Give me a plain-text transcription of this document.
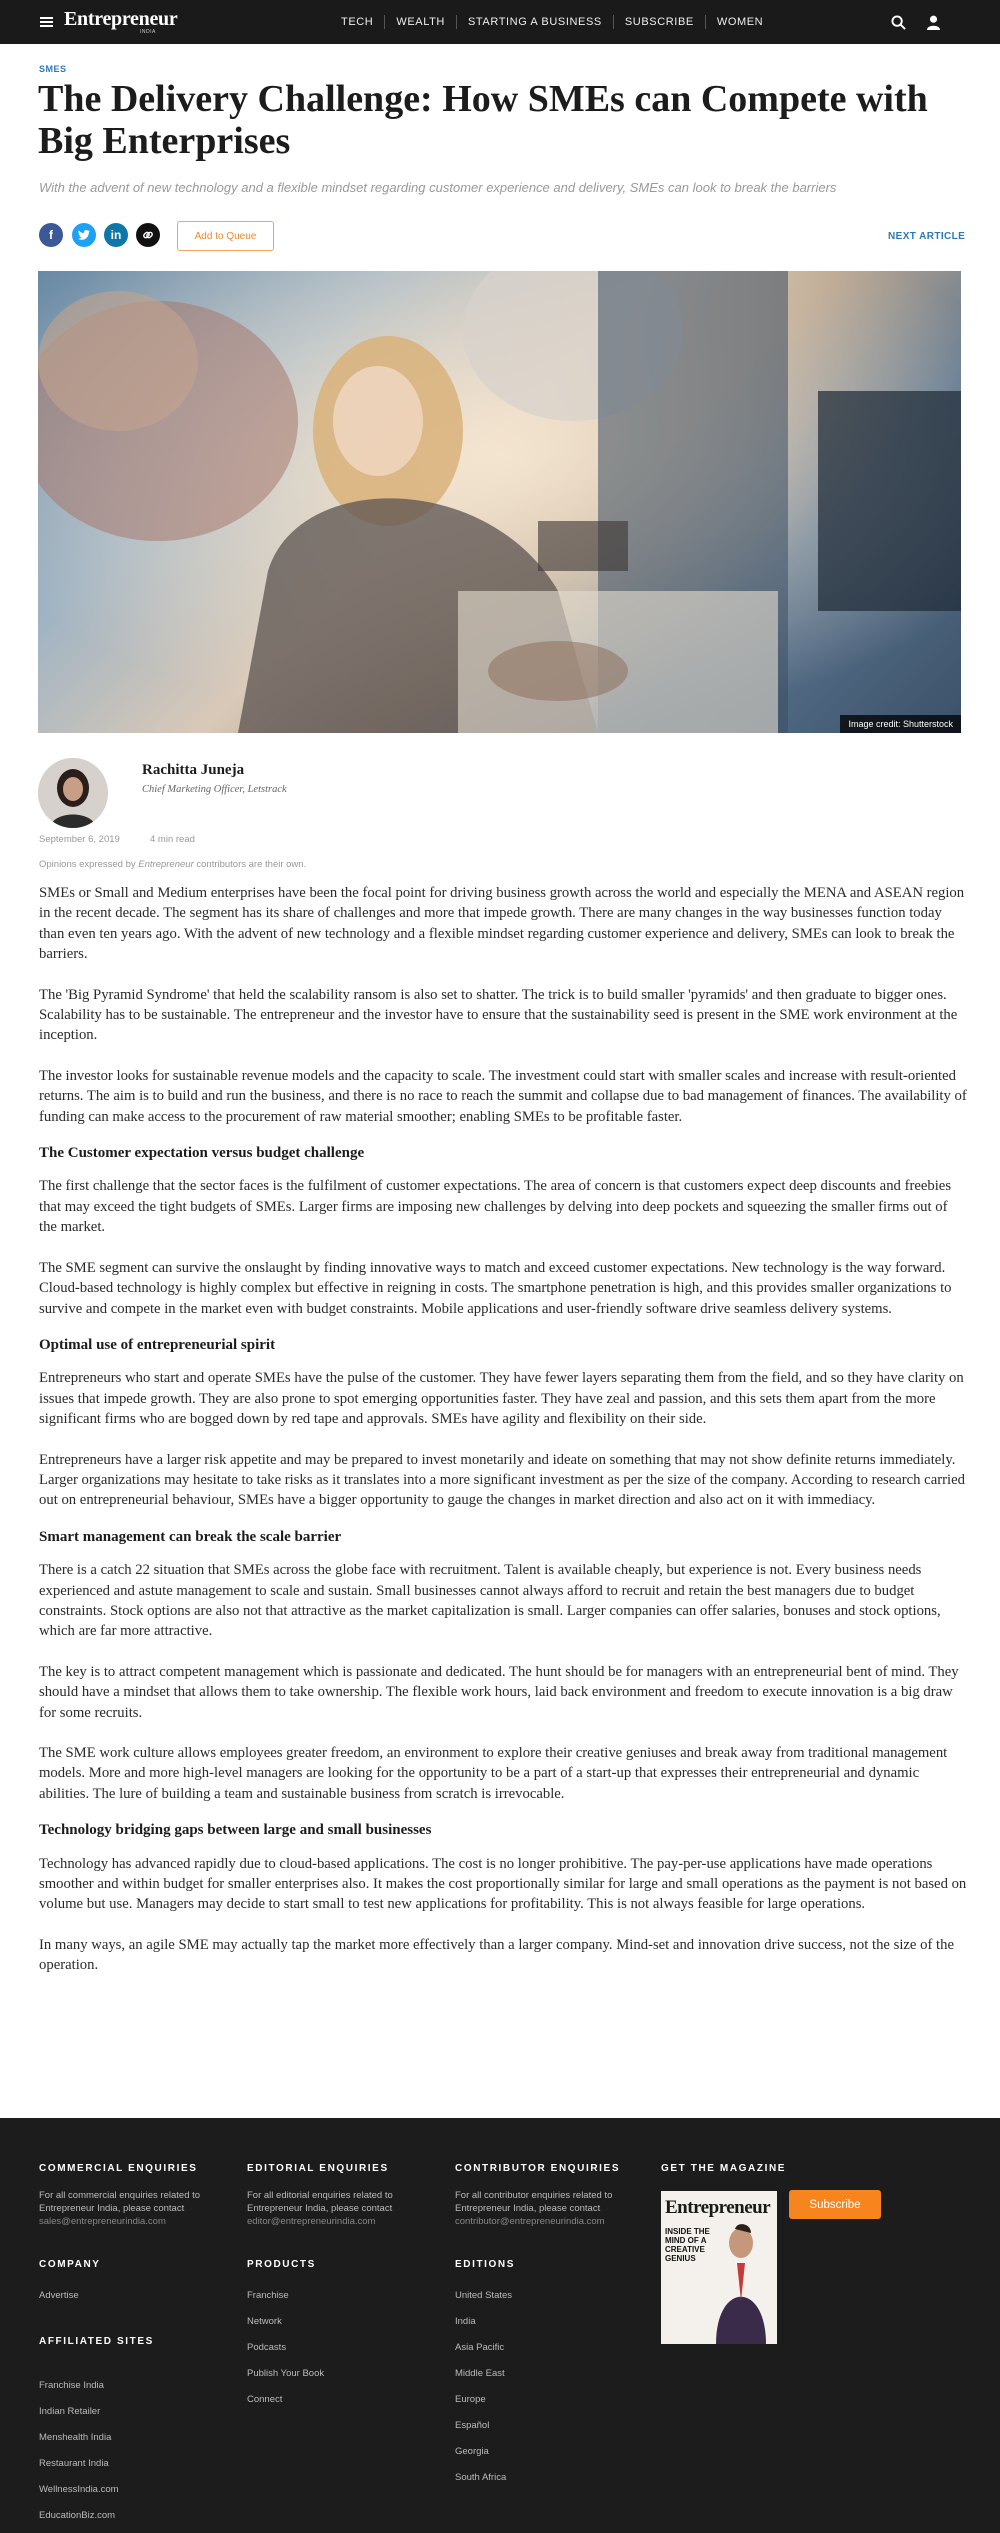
Entrepreneur
INDIA
TECH	WEALTH	STARTING A BUSINESS	SUBSCRIBE	WOMEN
SMES
The Delivery Challenge: How SMEs can Compete with Big Enterprises
With the advent of new technology and a flexible mindset regarding customer experience and delivery, SMEs can look to break the barriers
f	in	Add to Queue	NEXT ARTICLE
Image credit: Shutterstock
Rachitta Juneja
Chief Marketing Officer, Letstrack
September 6, 2019	4 min read
Opinions expressed by Entrepreneur contributors are their own.

SMEs or Small and Medium enterprises have been the focal point for driving business growth across the world and especially the MENA and ASEAN region in the recent decade. The segment has its share of challenges and more that impede growth. There are many changes in the way businesses function today than even ten years ago. With the advent of new technology and a flexible mindset regarding customer experience and delivery, SMEs can look to break the barriers.

The 'Big Pyramid Syndrome' that held the scalability ransom is also set to shatter. The trick is to build smaller 'pyramids' and then graduate to bigger ones. Scalability has to be sustainable. The entrepreneur and the investor have to ensure that the sustainability seed is present in the SME work environment at the inception.

The investor looks for sustainable revenue models and the capacity to scale. The investment could start with smaller scales and increase with result-oriented returns. The aim is to build and run the business, and there is no race to reach the summit and collapse due to bad management of finances. The availability of funding can make access to the procurement of raw material smoother; enabling SMEs to be profitable faster.

The Customer expectation versus budget challenge

The first challenge that the sector faces is the fulfilment of customer expectations. The area of concern is that customers expect deep discounts and freebies that may exceed the tight budgets of SMEs. Larger firms are imposing new challenges by delving into deep pockets and squeezing the smaller firms out of the market.

The SME segment can survive the onslaught by finding innovative ways to match and exceed customer expectations. New technology is the way forward. Cloud-based technology is highly complex but effective in reigning in costs. The smartphone penetration is high, and this provides smaller organizations to survive and compete in the market even with budget constraints. Mobile applications and user-friendly software drive seamless delivery systems.

Optimal use of entrepreneurial spirit

Entrepreneurs who start and operate SMEs have the pulse of the customer. They have fewer layers separating them from the field, and so they have clarity on issues that impede growth. They are also prone to spot emerging opportunities faster. They have zeal and passion, and this sets them apart from the more significant firms who are bogged down by red tape and approvals. SMEs have agility and flexibility on their side.

Entrepreneurs have a larger risk appetite and may be prepared to invest monetarily and ideate on something that may not show definite returns immediately. Larger organizations may hesitate to take risks as it translates into a more significant investment as per the size of the company. According to research carried out on entrepreneurial behaviour, SMEs have a bigger opportunity to gauge the changes in market direction and also act on it with immediacy.

Smart management can break the scale barrier

There is a catch 22 situation that SMEs across the globe face with recruitment. Talent is available cheaply, but experience is not. Every business needs experienced and astute management to scale and sustain. Small businesses cannot always afford to recruit and retain the best managers due to budget constraints. Stock options are also not that attractive as the market capitalization is small. Larger companies can offer salaries, bonuses and stock options, which are far more attractive.

The key is to attract competent management which is passionate and dedicated. The hunt should be for managers with an entrepreneurial bent of mind. They should have a mindset that allows them to take ownership. The flexible work hours, laid back environment and freedom to execute innovation is a big draw for some recruits.

The SME work culture allows employees greater freedom, an environment to explore their creative geniuses and break away from traditional management models. More and more high-level managers are looking for the opportunity to be a part of a start-up that expresses their entrepreneurial and dynamic abilities. The lure of building a team and sustainable business from scratch is irrevocable.

Technology bridging gaps between large and small businesses

Technology has advanced rapidly due to cloud-based applications. The cost is no longer prohibitive. The pay-per-use applications have made operations smoother and within budget for smaller enterprises also. It makes the cost proportionally similar for large and small operations as the payment is not based on volume but use. Managers may decide to start small to test new applications for profitability. This is not always feasible for large operations.

In many ways, an agile SME may actually tap the market more effectively than a larger company. Mind-set and innovation drive success, not the size of the operation.

COMMERCIAL ENQUIRIES
For all commercial enquiries related to Entrepreneur India, please contact
sales@entrepreneurindia.com
EDITORIAL ENQUIRIES
For all editorial enquiries related to Entrepreneur India, please contact
editor@entrepreneurindia.com
CONTRIBUTOR ENQUIRIES
For all contributor enquiries related to Entrepreneur India, please contact
contributor@entrepreneurindia.com
GET THE MAGAZINE
Entrepreneur
INSIDE THE MIND OF A CREATIVE GENIUS
Subscribe
COMPANY
Advertise
PRODUCTS
Franchise
Network
Podcasts
Publish Your Book
Connect
EDITIONS
United States
India
Asia Pacific
Middle East
Europe
Español
Georgia
South Africa
AFFILIATED SITES
Franchise India
Indian Retailer
Menshealth India
Restaurant India
WellnessIndia.com
EducationBiz.com
